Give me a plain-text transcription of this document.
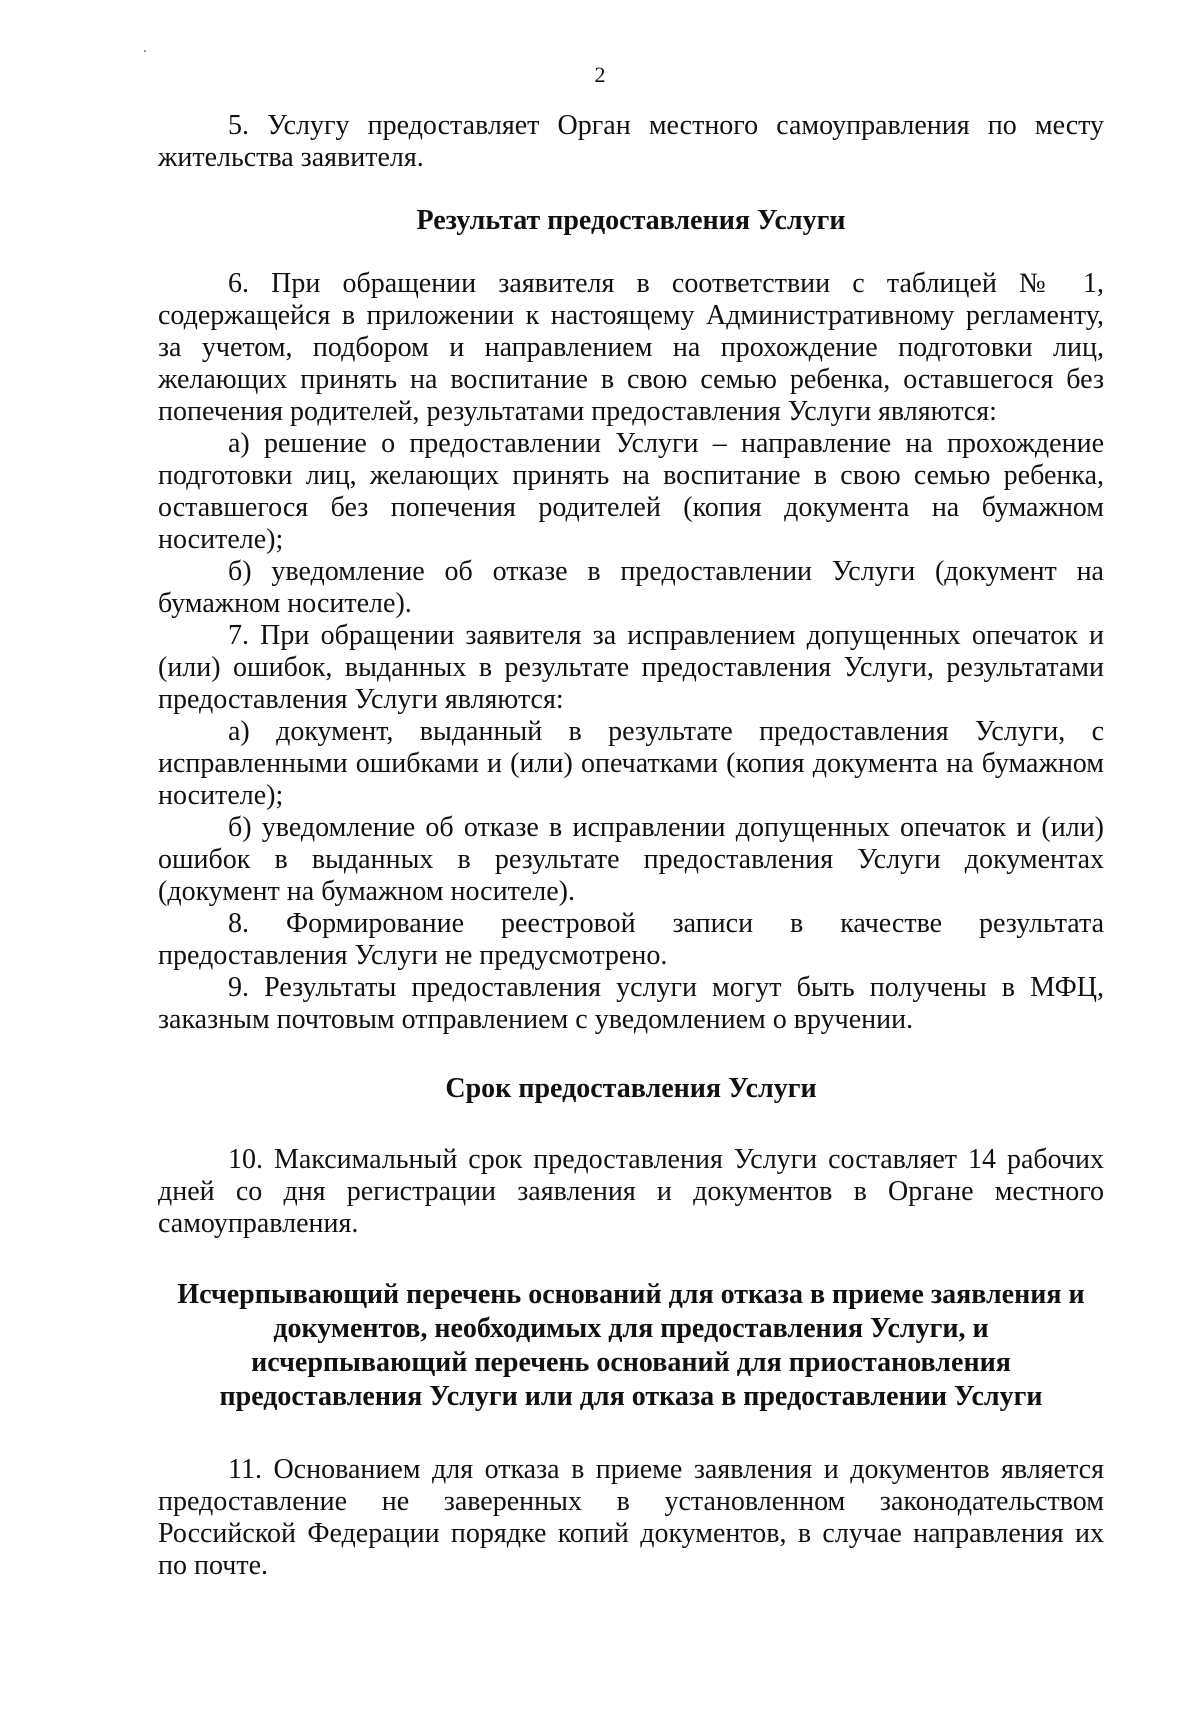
2

5. Услугу предоставляет Орган местного самоуправления по месту жительства заявителя.

Результат предоставления Услуги

6. При обращении заявителя в соответствии с таблицей № 1, содержащейся в приложении к настоящему Административному регламенту, за учетом, подбором и направлением на прохождение подготовки лиц, желающих принять на воспитание в свою семью ребенка, оставшегося без попечения родителей, результатами предоставления Услуги являются:

а) решение о предоставлении Услуги – направление на прохождение подготовки лиц, желающих принять на воспитание в свою семью ребенка, оставшегося без попечения родителей (копия документа на бумажном носителе);

б) уведомление об отказе в предоставлении Услуги (документ на бумажном носителе).

7. При обращении заявителя за исправлением допущенных опечаток и (или) ошибок, выданных в результате предоставления Услуги, результатами предоставления Услуги являются:

а) документ, выданный в результате предоставления Услуги, с исправленными ошибками и (или) опечатками (копия документа на бумажном носителе);

б) уведомление об отказе в исправлении допущенных опечаток и (или) ошибок в выданных в результате предоставления Услуги документах (документ на бумажном носителе).

8. Формирование реестровой записи в качестве результата предоставления Услуги не предусмотрено.

9. Результаты предоставления услуги могут быть получены в МФЦ, заказным почтовым отправлением с уведомлением о вручении.

Срок предоставления Услуги

10. Максимальный срок предоставления Услуги составляет 14 рабочих дней со дня регистрации заявления и документов в Органе местного самоуправления.

Исчерпывающий перечень оснований для отказа в приеме заявления и
документов, необходимых для предоставления Услуги, и
исчерпывающий перечень оснований для приостановления
предоставления Услуги или для отказа в предоставлении Услуги

11. Основанием для отказа в приеме заявления и документов является предоставление не заверенных в установленном законодательством Российской Федерации порядке копий документов, в случае направления их по почте.
